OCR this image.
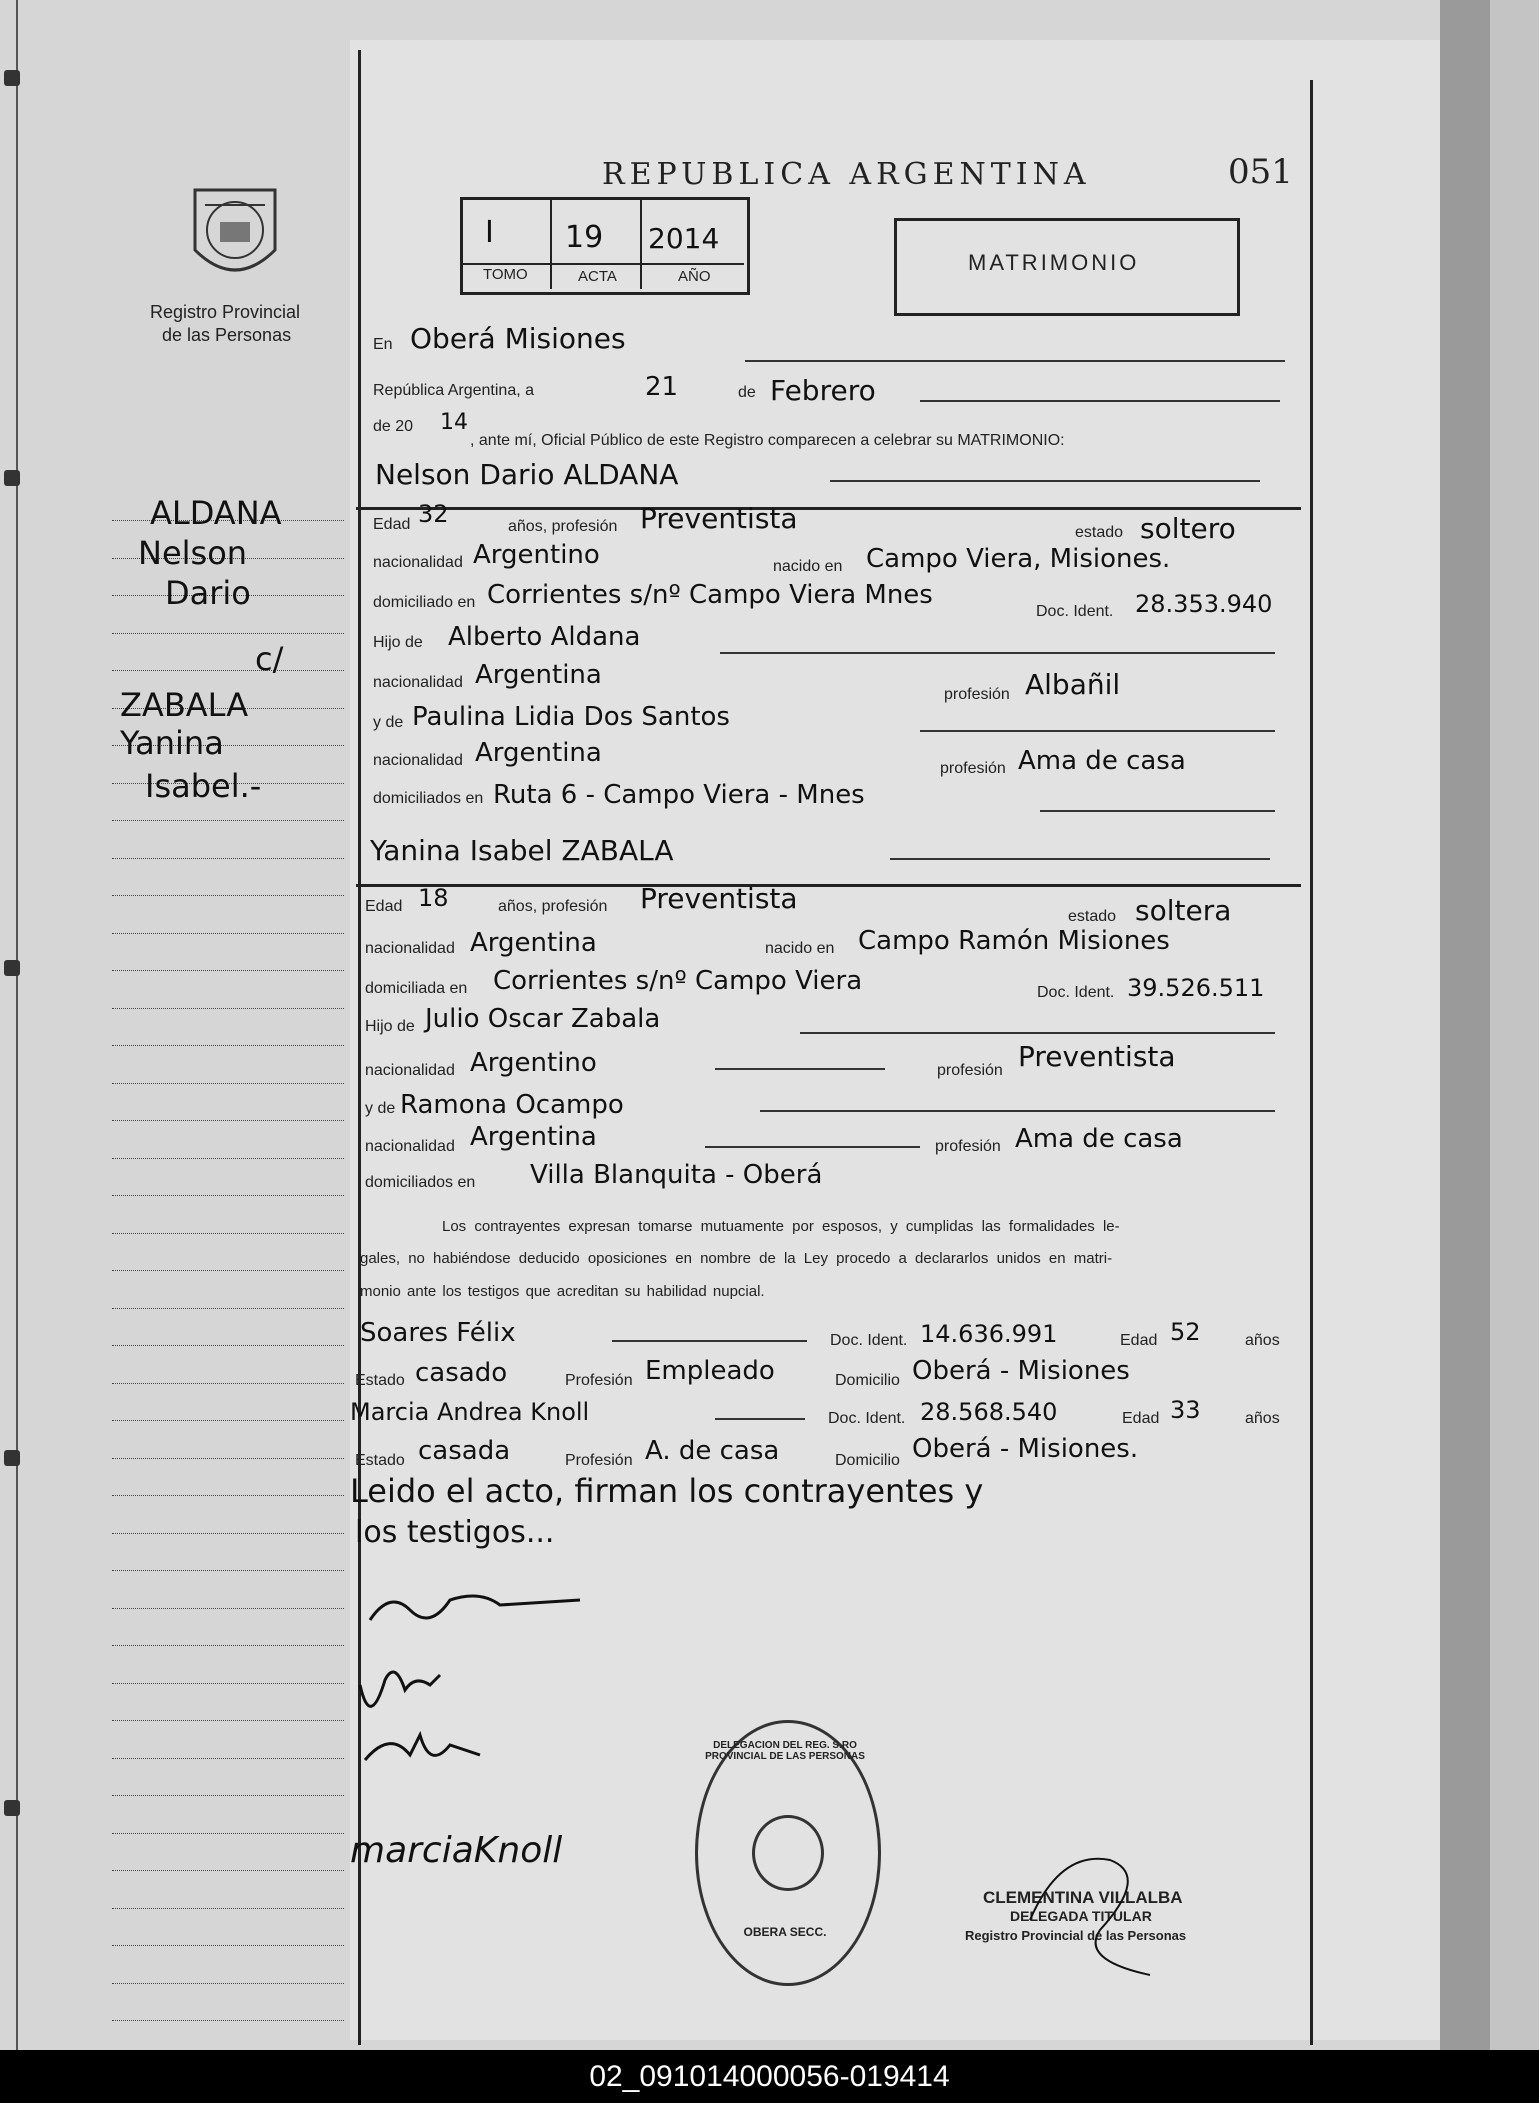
Registro Provincial
de las Personas
REPUBLICA ARGENTINA	051
I 19 2014
TOMO	ACTA	AÑO
MATRIMONIO
En Oberá Misiones
República Argentina, a	21	de Febrero
de 20 14
, ante mí, Oficial Público de este Registro comparecen a celebrar su MATRIMONIO:
Nelson Dario ALDANA
ALDANA
Nelson
Dario
c/
ZABALA
Yanina
Isabel.-
Edad 32	años, profesión Preventista	estado soltero
nacionalidad Argentino	nacido en Campo Viera, Misiones.
domiciliado en Corrientes s/nº Campo Viera Mnes
Doc. Ident. 28.353.940
Hijo de Alberto Aldana
nacionalidad Argentina
profesión Albañil
y de Paulina Lidia Dos Santos
nacionalidad Argentina
profesión Ama de casa
domiciliados en Ruta 6 - Campo Viera - Mnes
Yanina Isabel ZABALA
Edad 18	años, profesión Preventista
estado soltera
nacionalidad Argentina	nacido en Campo Ramón Misiones
domiciliada en Corrientes s/nº Campo Viera	Doc. Ident. 39.526.511
Hijo de Julio Oscar Zabala
nacionalidad Argentino	profesión Preventista
y de Ramona Ocampo
nacionalidad Argentina	profesión Ama de casa
domiciliados en Villa Blanquita - Oberá
Los contrayentes expresan tomarse mutuamente por esposos, y cumplidas las formalidades le-
gales, no habiéndose deducido oposiciones en nombre de la Ley procedo a declararlos unidos en matri-
monio ante los testigos que acreditan su habilidad nupcial.
Soares Félix	Doc. Ident. 14.636.991	Edad 52	años
Estado casado	Profesión Empleado	Domicilio Oberá - Misiones
Marcia Andrea Knoll	Doc. Ident. 28.568.540	Edad 33	años
Estado casada	Profesión A. de casa	Domicilio Oberá - Misiones.
Leido el acto, firman los contrayentes y
los testigos...
marciaKnoll
OBERA SECC.
DELEGACION DEL REG. S.RO PROVINCIAL DE LAS PERSONAS
CLEMENTINA VILLALBA
DELEGADA TITULAR
Registro Provincial de las Personas
02_091014000056-019414
